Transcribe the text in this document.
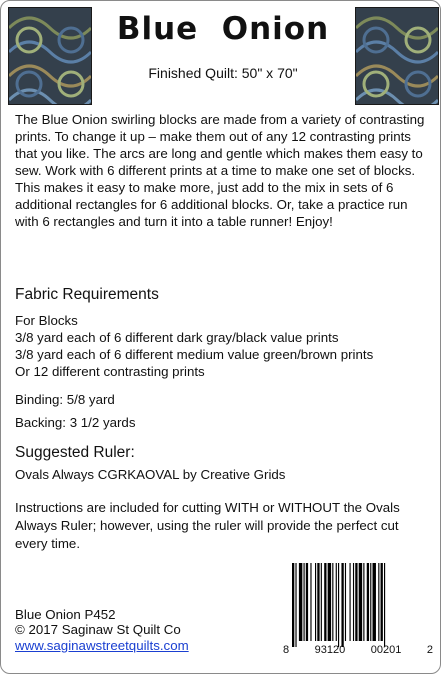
Blue  Onion
Finished Quilt: 50" x 70"
The Blue Onion swirling blocks are made from a variety of contrasting prints. To change it up – make them out of any 12 contrasting prints that you like. The arcs are long and gentle which makes them easy to sew. Work with 6 different prints at a time to make one set of blocks. This makes it easy to make more, just add to the mix in sets of 6 additional rectangles for 6 additional blocks. Or, take a practice run with 6 rectangles and turn it into a table runner! Enjoy!
Fabric Requirements
For Blocks
3/8 yard each of 6 different dark gray/black value prints
3/8 yard each of 6 different medium value green/brown prints
Or 12 different contrasting prints
Binding: 5/8 yard
Backing: 3 1/2 yards
Suggested Ruler:
Ovals Always CGRKAOVAL by Creative Grids
Instructions are included for cutting WITH or WITHOUT the Ovals Always Ruler; however, using the ruler will provide the perfect cut every time.
Blue Onion P452
© 2017 Saginaw St Quilt Co
www.saginawstreetquilts.com	8 93120 00201 2
